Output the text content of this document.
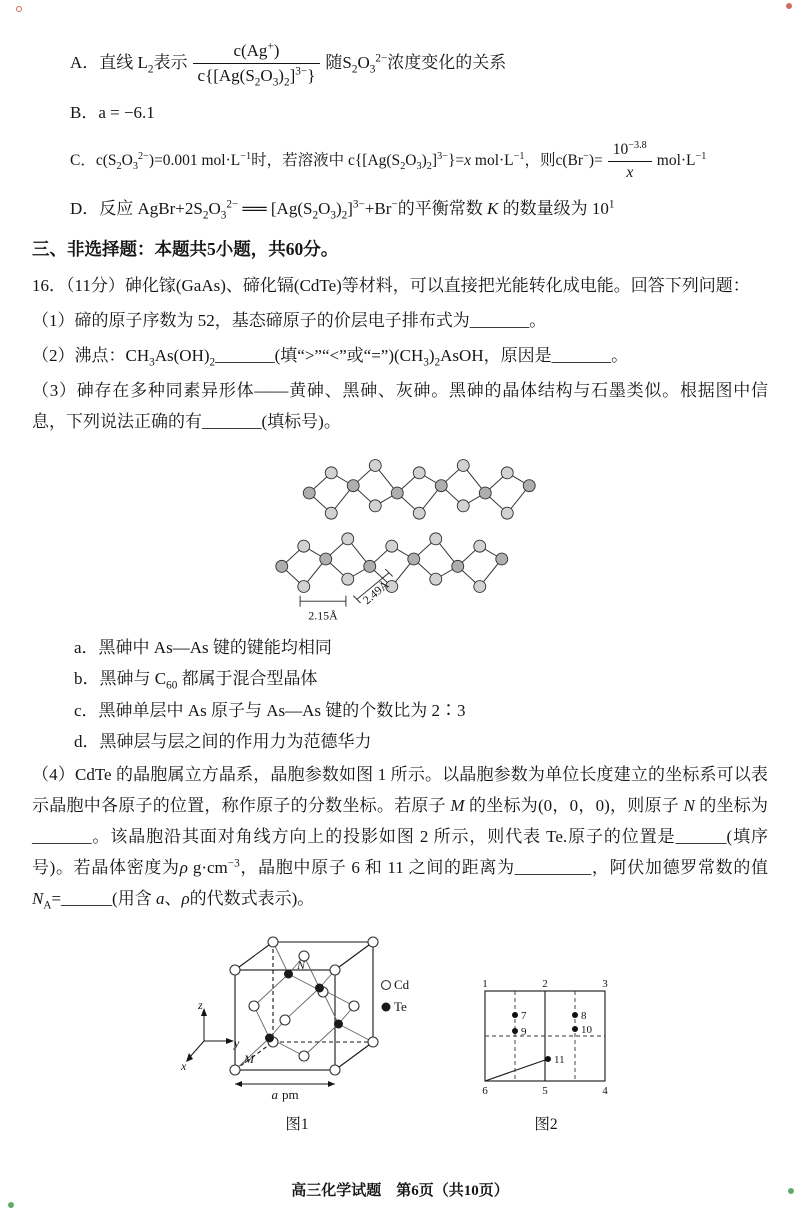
A． 直线 $L_2$表示 $\frac{c(Ag^+)}{c\{[Ag(S_2O_3)_2]^{3-}\}}$ 随$S_2O_3^{2-}$浓度变化的关系
B．a = −6.1
C．$c(S_2O_3^{2-})=0.001$ $mol\cdot L^{-1}$时，若溶液中 $c\{[Ag(S_2O_3)_2]^{3-}\}=x$ $mol\cdot L^{-1}$，则$c(Br^-)= \frac{10^{-3.8}}{x} mol\cdot L^{-1}$
D．反应 $AgBr+2S_2O_3^{2-}$ ══ $[Ag(S_2O_3)_2]^{3-}+Br^-$的平衡常数 K 的数量级为 $10^1$
三、非选择题：本题共5小题，共60分。
16．（11分）砷化镓(GaAs)、碲化镉(CdTe)等材料，可以直接把光能转化成电能。回答下列问题：
（1）碲的原子序数为 52，基态碲原子的价层电子排布式为_______。
（2）沸点：$CH_3As(OH)_2\_\_\_\_\_\_\_$(填“>”“<”或“$=”)(CH_3)_2AsOH$，原因是_______。
（3）砷存在多种同素异形体——黄砷、黑砷、灰砷。黑砷的晶体结构与石墨类似。根据图中信息，下列说法正确的有_______(填标号)。
2.15Å
2.49Å
a．黑砷中 As—As 键的键能均相同
b．黑砷与 $C_{60}$ 都属于混合型晶体
c．黑砷单层中 As 原子与 As—As 键的个数比为 2∶3
d．黑砷层与层之间的作用力为范德华力
（4）CdTe 的晶胞属立方晶系，晶胞参数如图 1 所示。以晶胞参数为单位长度建立的坐标系可以表示晶胞中各原子的位置，称作原子的分数坐标。若原子 M 的坐标为(0，0，0)，则原子 N 的坐标为_______。该晶胞沿其面对角线方向上的投影如图 2 所示，则代表 Te.原子的位置是______(填序号)。若晶体密度为ρ $g\cdot cm^{-3}$，晶胞中原子 6 和 11 之间的距离为_________，阿伏加德罗常数的值 $N_A=\_\_\_\_\_\_$(用含 a、ρ的代数式表示)。
z
y
x	M
N
Cd
Te
a pm
图1
1	2	3
4
5
6
7	8
9	10
11
图2
高三化学试题　第6页（共10页）
